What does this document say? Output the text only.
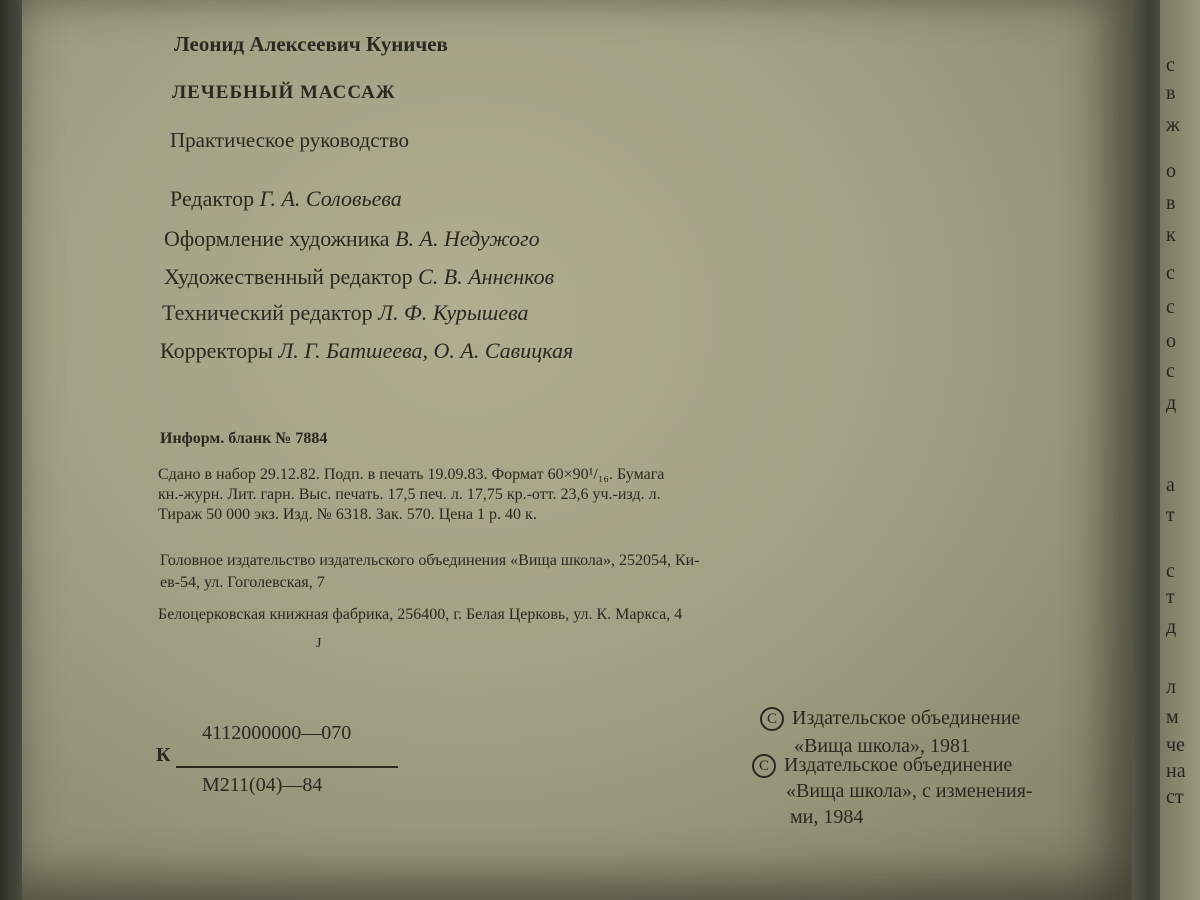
с
в
ж
о
в
к
с
с
о
с
д
а
т
с
т
д
л
м
че
на
ст
Леонид Алексеевич Куничев
ЛЕЧЕБНЫЙ МАССАЖ
Практическое руководство
Редактор Г. А. Соловьева
Оформление художника В. А. Недужого
Художественный редактор С. В. Анненков
Технический редактор Л. Ф. Курышева
Корректоры Л. Г. Батшеева, О. А. Савицкая
Информ. бланк № 7884
Сдано в набор 29.12.82. Подп. в печать 19.09.83. Формат 60×90¹/₁₆. Бумага
кн.-журн. Лит. гарн. Выс. печать. 17,5 печ. л. 17,75 кр.-отт. 23,6 уч.-изд. л.
Тираж 50 000 экз. Изд. № 6318. Зак. 570. Цена 1 р. 40 к.
Головное издательство издательского объединения «Вища школа», 252054, Ки-
ев-54, ул. Гоголевская, 7
Белоцерковская книжная фабрика, 256400, г. Белая Церковь, ул. К. Маркса, 4
J
К
4112000000—070
М211(04)—84
C Издательское объединение
«Вища школа», 1981
C Издательское объединение
«Вища школа», с изменения-
ми, 1984
